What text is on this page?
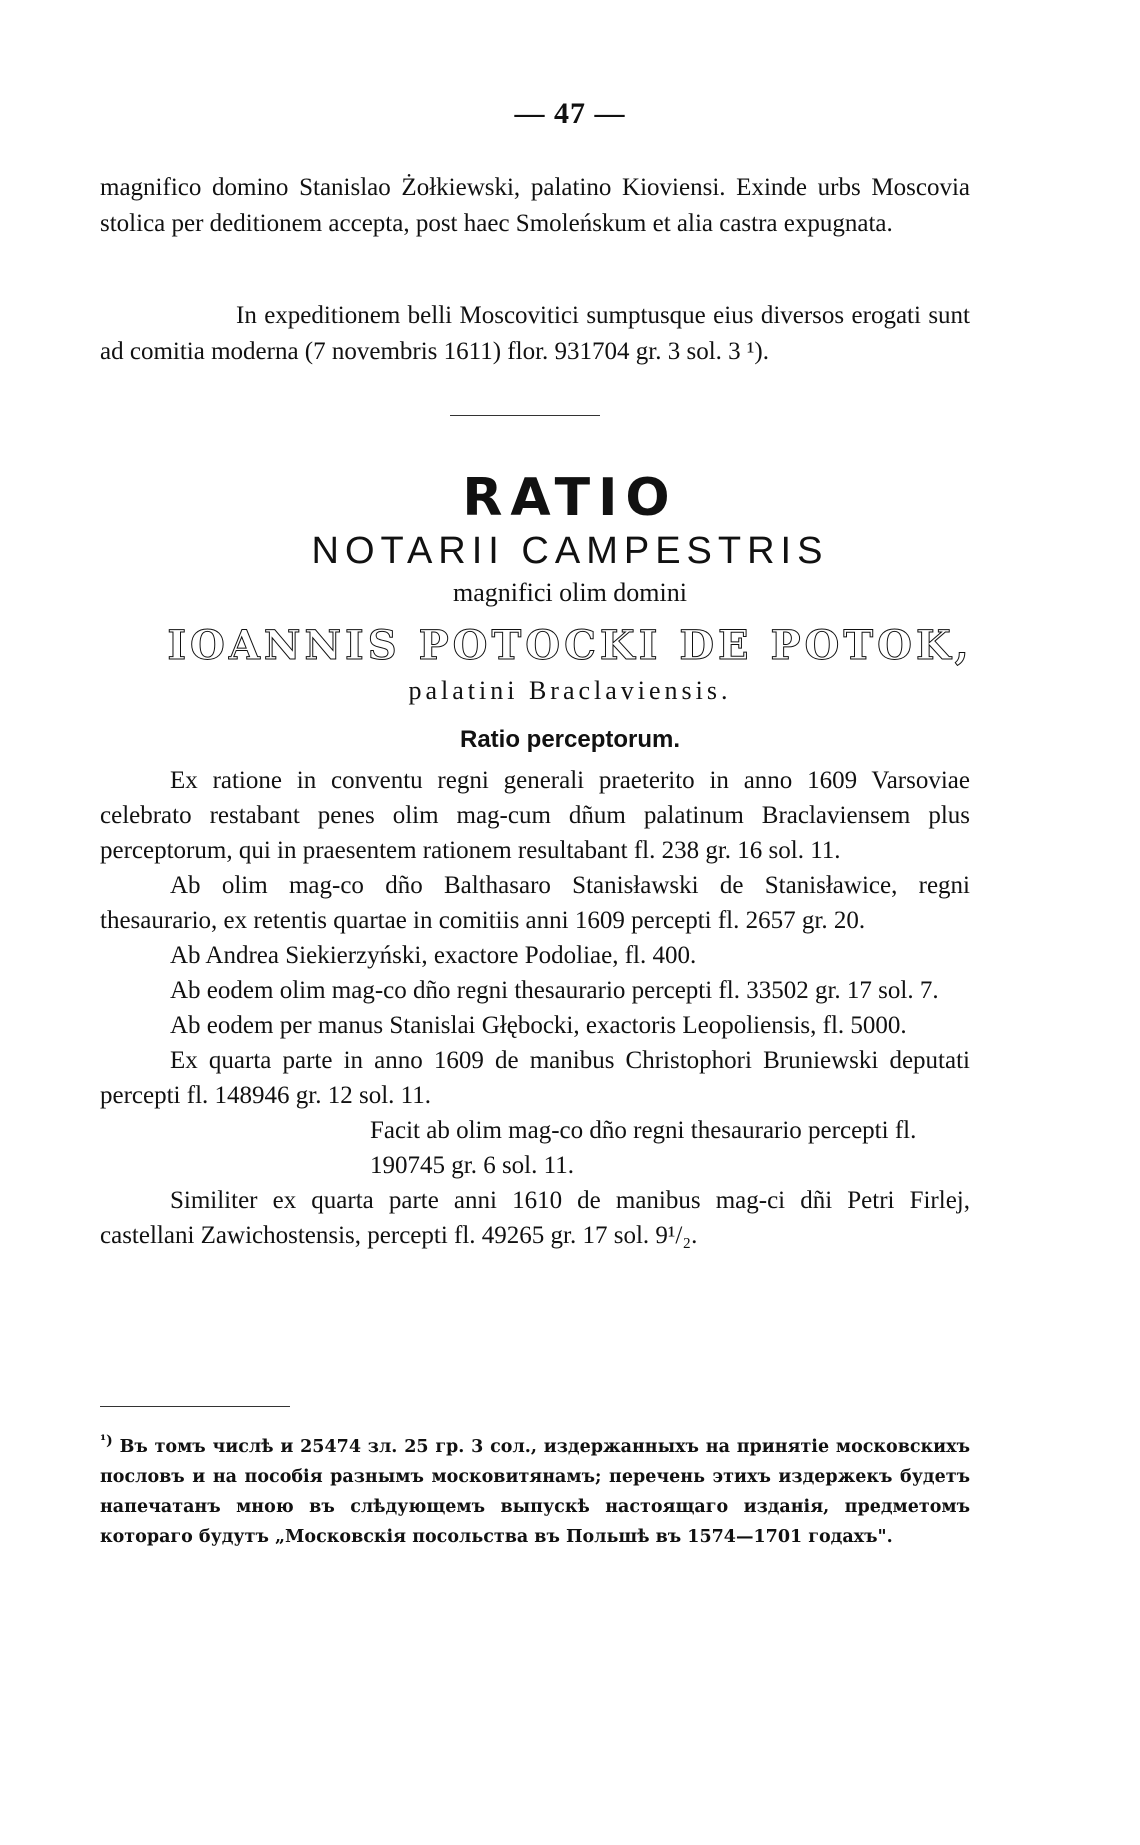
— 47 —
magnifico domino Stanislao Żołkiewski, palatino Kioviensi. Exinde urbs Moscovia stolica per deditionem accepta, post haec Smoleńskum et alia castra expugnata.
In expeditionem belli Moscovitici sumptusque eius diversos erogati sunt ad comitia moderna (7 novembris 1611) flor. 931704 gr. 3 sol. 3 ¹).
RATIO
NOTARII CAMPESTRIS
magnifici olim domini
IOANNIS POTOCKI DE POTOK,
palatini Braclaviensis.
Ratio perceptorum.

Ex ratione in conventu regni generali praeterito in anno 1609 Varsoviae celebrato restabant penes olim mag-cum dñum palatinum Braclaviensem plus perceptorum, qui in praesentem rationem resultabant fl. 238 gr. 16 sol. 11.

Ab olim mag-co dño Balthasaro Stanisławski de Stanisławice, regni thesaurario, ex retentis quartae in comitiis anni 1609 percepti fl. 2657 gr. 20.

Ab Andrea Siekierzyński, exactore Podoliae, fl. 400.

Ab eodem olim mag-co dño regni thesaurario percepti fl. 33502 gr. 17 sol. 7.

Ab eodem per manus Stanislai Głębocki, exactoris Leopoliensis, fl. 5000.

Ex quarta parte in anno 1609 de manibus Christophori Bruniewski deputati percepti fl. 148946 gr. 12 sol. 11.

Facit ab olim mag-co dño regni thesaurario percepti fl. 190745 gr. 6 sol. 11.

Similiter ex quarta parte anni 1610 de manibus mag-ci dñi Petri Firlej, castellani Zawichostensis, percepti fl. 49265 gr. 17 sol. 9¹/₂.

$^{^1)}$ Въ томъ числѣ и 25474 зл. 25 гр. 3 сол., издержанныхъ на принятіе московскихъ пословъ и на пособія разнымъ московитянамъ; перечень этихъ издержекъ будетъ напечатанъ мною въ слѣдующемъ выпускѣ настоящаго изданія, предметомъ котораго будутъ „Московскія посольства въ Польшѣ въ 1574—1701 годахъ".
